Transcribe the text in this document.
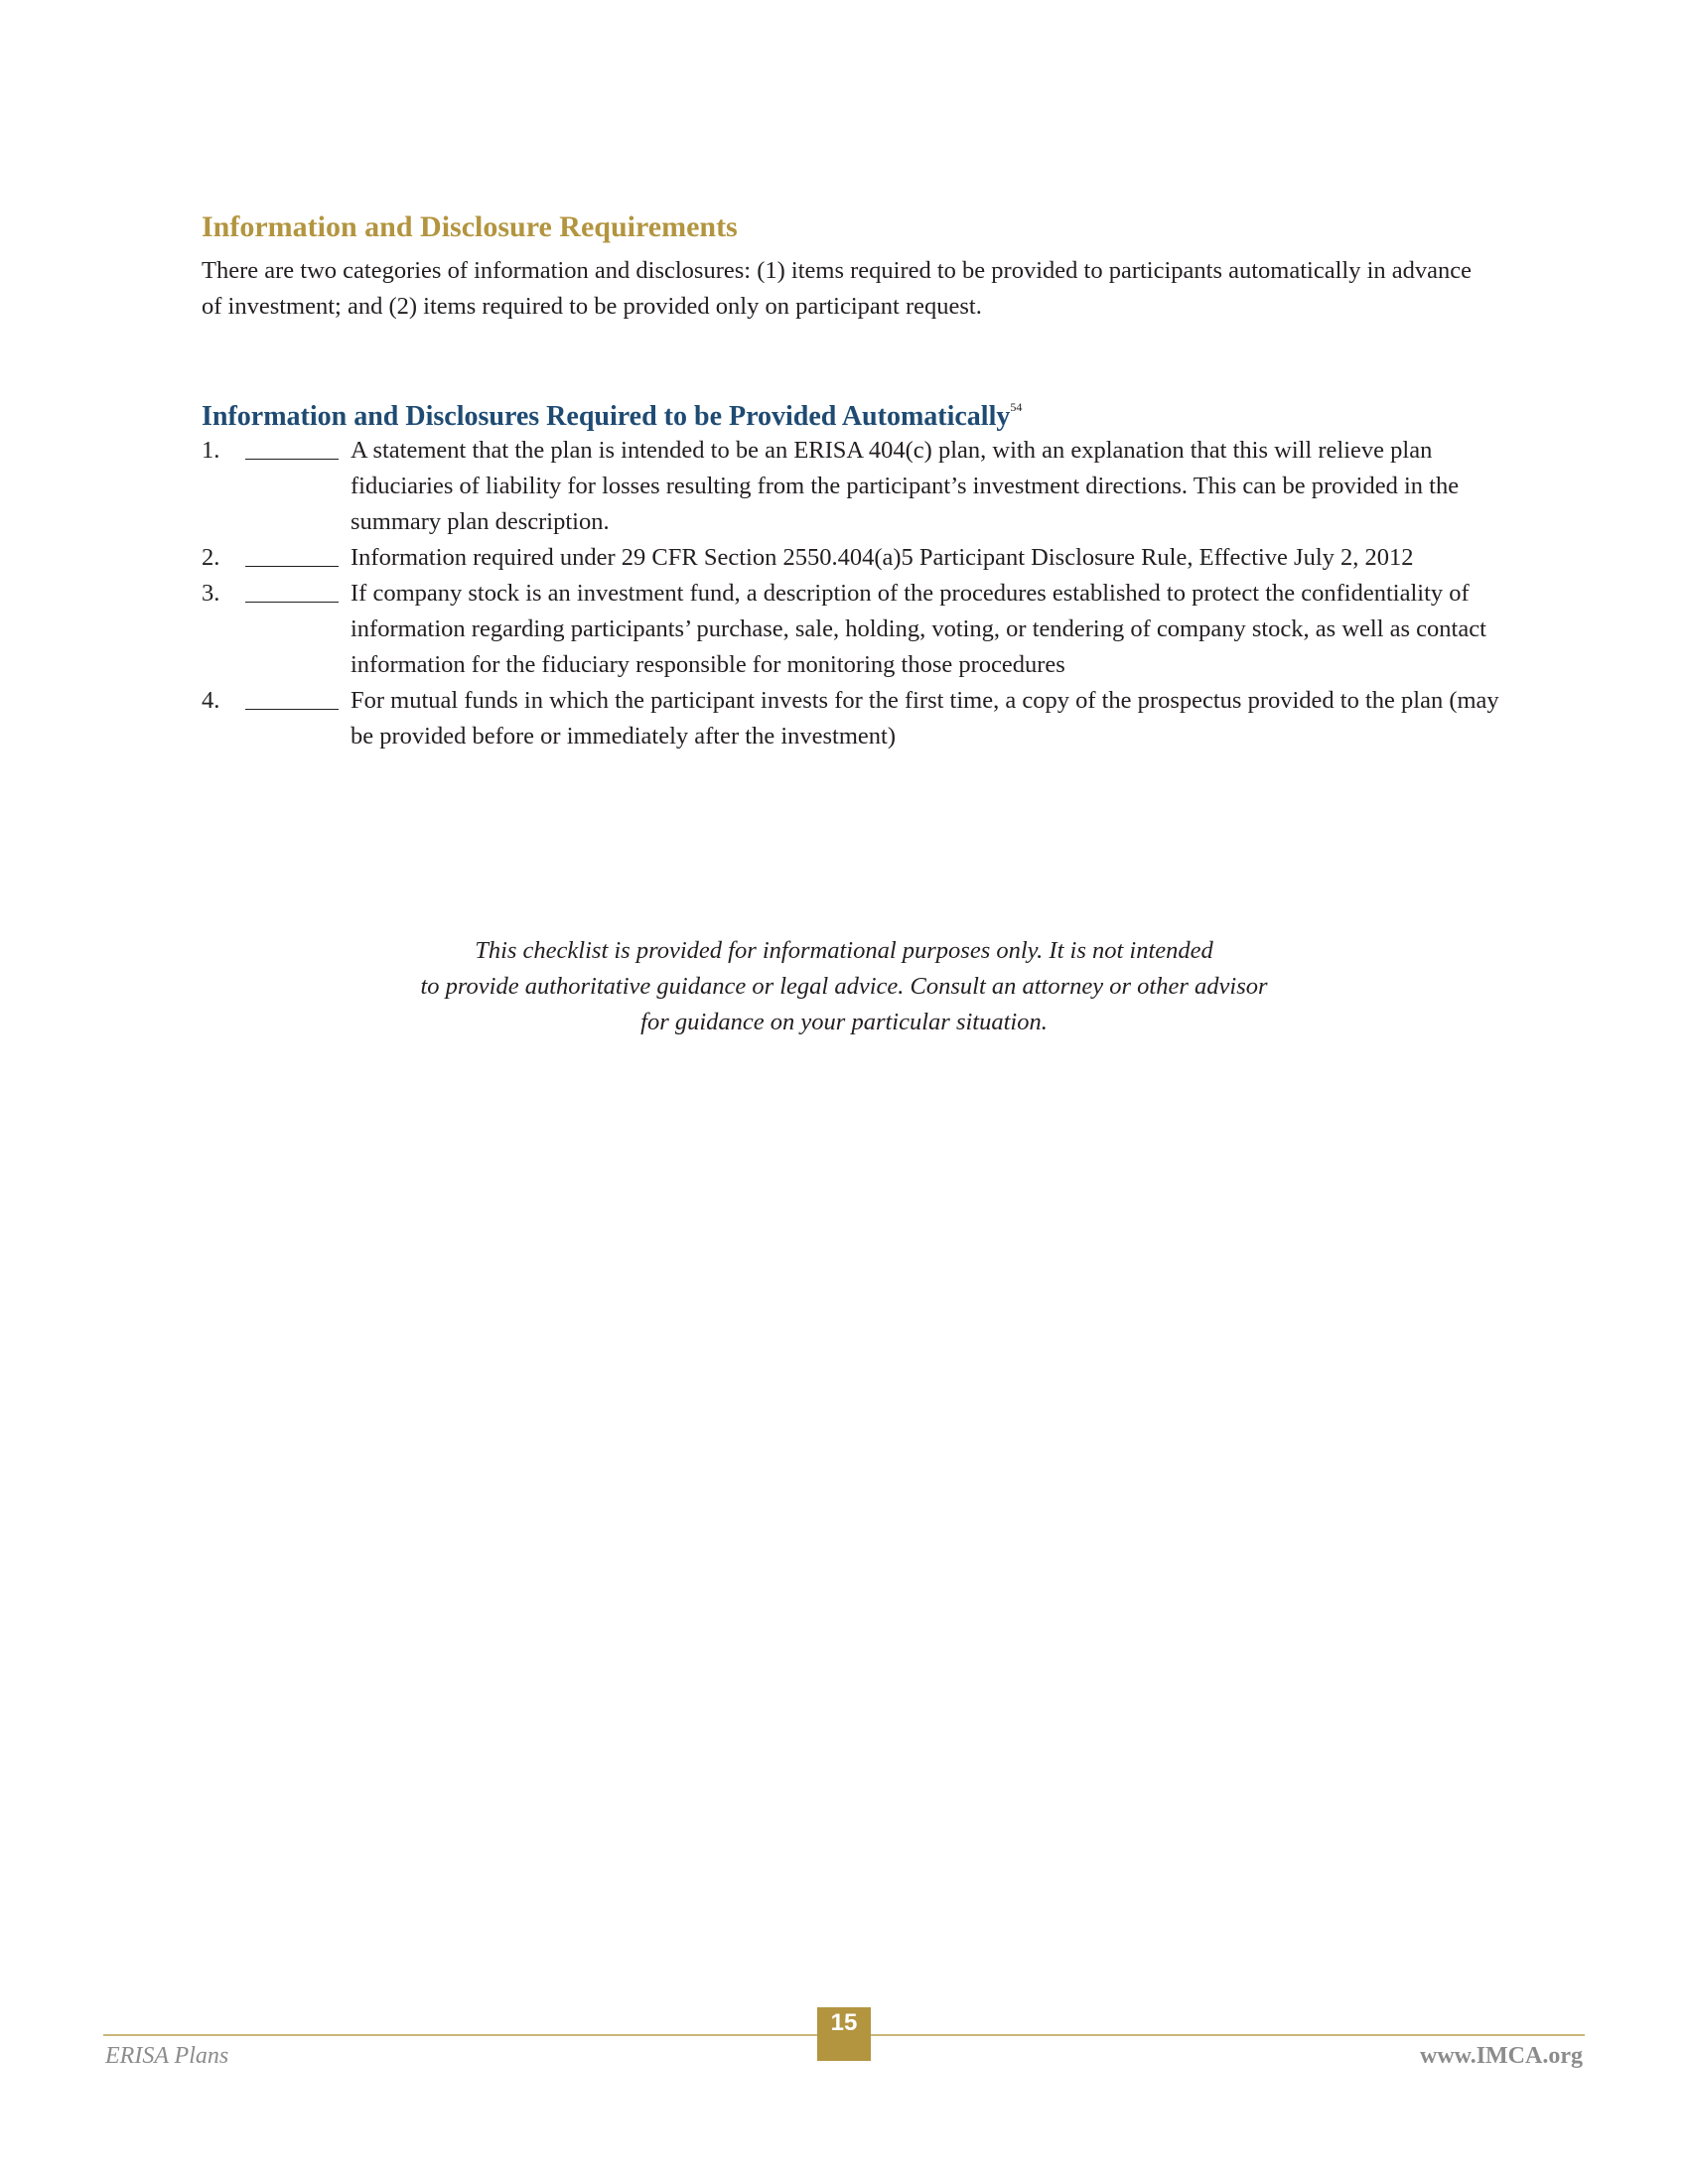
Information and Disclosure Requirements

There are two categories of information and disclosures: (1) items required to be provided to participants automatically in advance of investment; and (2) items required to be provided only on participant request.

Information and Disclosures Required to be Provided Automatically$^{54}$
1.	A statement that the plan is intended to be an ERISA 404(c) plan, with an explanation that this will relieve plan fiduciaries of liability for losses resulting from the participant’s investment directions. This can be provided in the summary plan description.
2.	Information required under 29 CFR Section 2550.404(a)5 Participant Disclosure Rule, Effective July 2, 2012
3.	If company stock is an investment fund, a description of the procedures established to protect the confidentiality of information regarding participants’ purchase, sale, holding, voting, or tendering of company stock, as well as contact information for the fiduciary responsible for monitoring those procedures
4.	For mutual funds in which the participant invests for the first time, a copy of the prospectus provided to the plan (may be provided before or immediately after the investment)

This checklist is provided for informational purposes only. It is not intended
to provide authoritative guidance or legal advice. Consult an attorney or other advisor
for guidance on your particular situation.

15
ERISA Plans	www.IMCA.org
